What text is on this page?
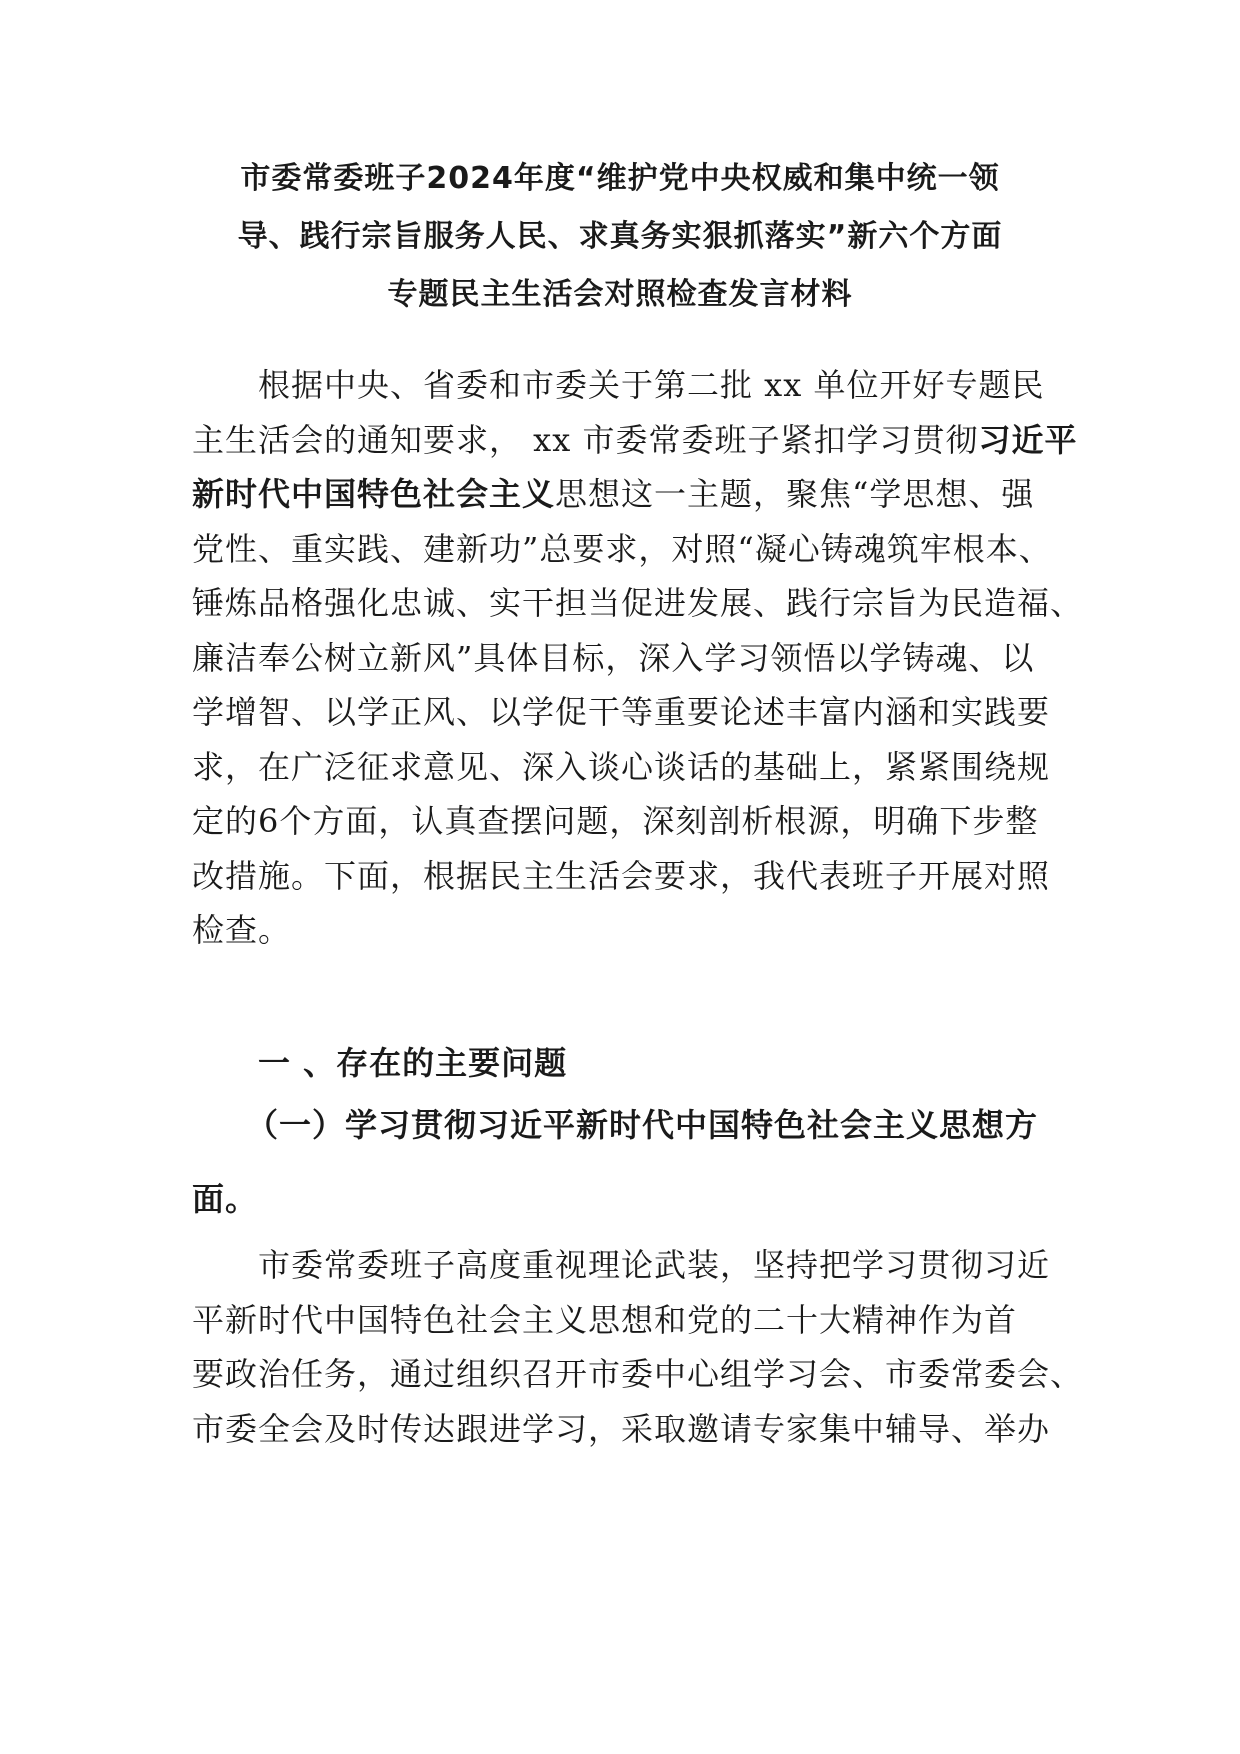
市委常委班子2024年度“维护党中央权威和集中统一领
导、践行宗旨服务人民、求真务实狠抓落实”新六个方面
专题民主生活会对照检查发言材料
　　根据中央、省委和市委关于第二批 xx 单位开好专题民
主生活会的通知要求， xx 市委常委班子紧扣学习贯彻习近平
新时代中国特色社会主义思想这一主题，聚焦“学思想、强
党性、重实践、建新功”总要求，对照“凝心铸魂筑牢根本、
锤炼品格强化忠诚、实干担当促进发展、践行宗旨为民造福、
廉洁奉公树立新风”具体目标，深入学习领悟以学铸魂、以
学增智、以学正风、以学促干等重要论述丰富内涵和实践要
求，在广泛征求意见、深入谈心谈话的基础上，紧紧围绕规
定的6个方面，认真查摆问题，深刻剖析根源，明确下步整
改措施。下面，根据民主生活会要求，我代表班子开展对照
检查。
一 、存在的主要问题
（一）学习贯彻习近平新时代中国特色社会主义思想方
面。
　　市委常委班子高度重视理论武装，坚持把学习贯彻习近
平新时代中国特色社会主义思想和党的二十大精神作为首
要政治任务，通过组织召开市委中心组学习会、市委常委会、
市委全会及时传达跟进学习，采取邀请专家集中辅导、举办
